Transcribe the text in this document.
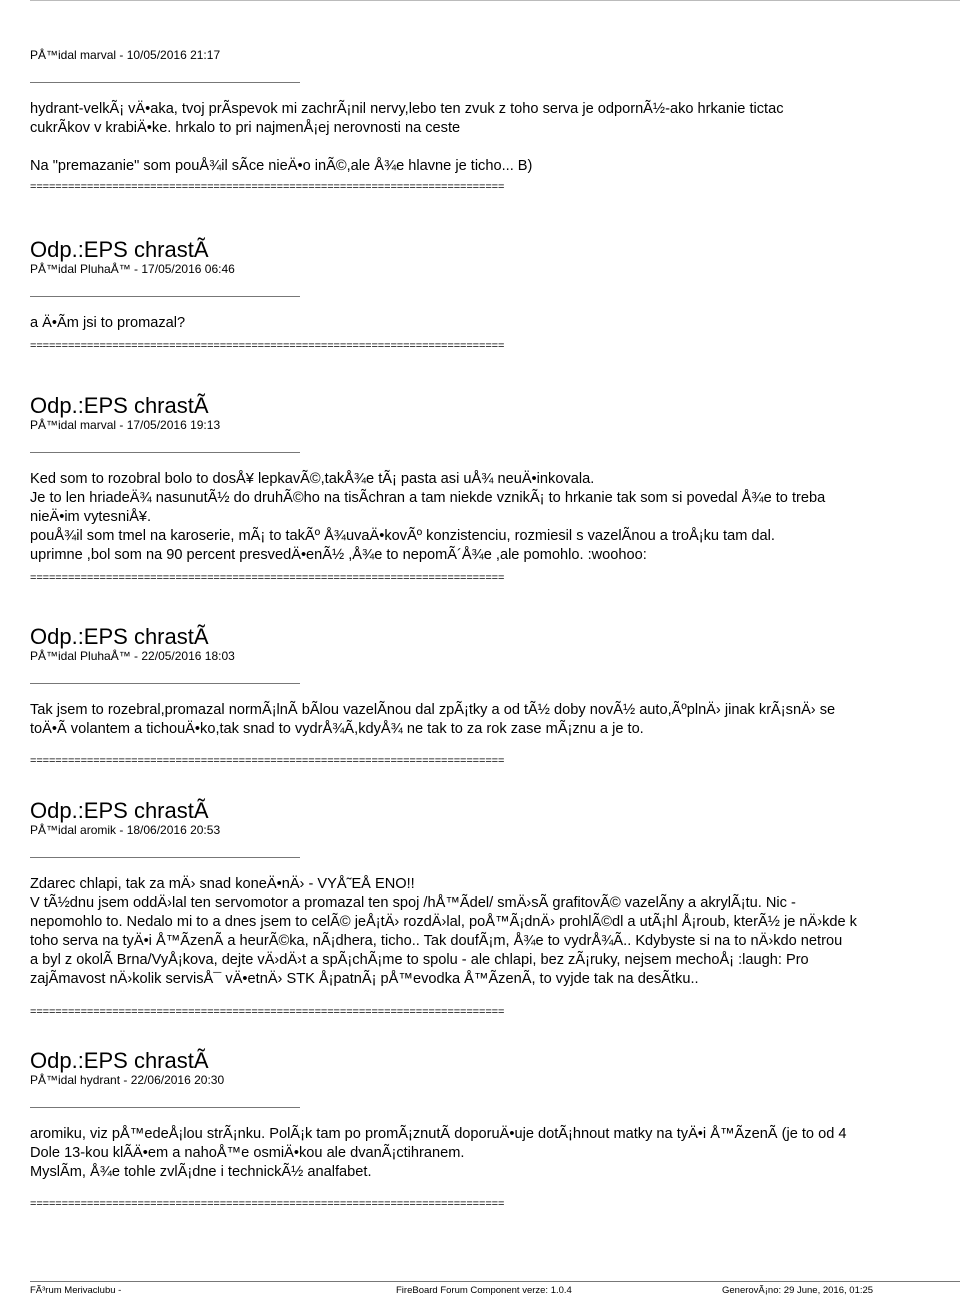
PÅ™idal marval - 10/05/2016 21:17
hydrant-velkÃ¡ vÄ•aka, tvoj prÃspevok mi zachrÃ¡nil nervy,lebo ten zvuk z toho serva je odpornÃ½-ako hrkanie tictac
cukrÃkov v krabiÄ•ke. hrkalo to pri najmenÅ¡ej nerovnosti na ceste
Na "premazanie" som pouÅ¾il sÃce nieÄ•o inÃ©,ale Å¾e hlavne je ticho... B)
===========================================================================
Odp.:EPS chrastÃ
PÅ™idal PluhaÅ™ - 17/05/2016 06:46
a Ä•Ãm jsi to promazal?
===========================================================================
Odp.:EPS chrastÃ
PÅ™idal marval - 17/05/2016 19:13
Ked som to rozobral bolo to dosÅ¥ lepkavÃ©,takÅ¾e tÃ¡ pasta asi uÅ¾ neuÄ•inkovala.
Je to len hriadeÄ¾ nasunutÃ½ do druhÃ©ho na tisÃchran a tam niekde vznikÃ¡ to hrkanie tak som si povedal Å¾e to treba
nieÄ•im vytesniÅ¥.
pouÅ¾il som tmel na karoserie, mÃ¡ to takÃº Å¾uvaÄ•kovÃº konzistenciu, rozmiesil s vazelÃnou a troÅ¡ku tam dal.
uprimne ,bol som na 90 percent presvedÄ•enÃ½ ,Å¾e to nepomÃ´Å¾e ,ale pomohlo. :woohoo:
===========================================================================
Odp.:EPS chrastÃ
PÅ™idal PluhaÅ™ - 22/05/2016 18:03
Tak jsem to rozebral,promazal normÃ¡lnÃ bÃlou vazelÃnou dal zpÃ¡tky a od tÃ½ doby novÃ½ auto,ÃºplnÄ› jinak krÃ¡snÄ› se
toÄ•Ã volantem a tichouÄ•ko,tak snad to vydrÅ¾Ã,kdyÅ¾ ne tak to za rok zase mÃ¡znu a je to.
===========================================================================
Odp.:EPS chrastÃ
PÅ™idal aromik - 18/06/2016 20:53
Zdarec chlapi, tak za mÄ› snad koneÄ•nÄ› - VYÅ˜EÅ ENO!!
V tÃ½dnu jsem oddÄ›lal ten servomotor a promazal ten spoj /hÅ™Ãdel/ smÄ›sÃ grafitovÃ© vazelÃny a akrylÃ¡tu. Nic -
nepomohlo to. Nedalo mi to a dnes jsem to celÃ© jeÅ¡tÄ› rozdÄ›lal, poÅ™Ã¡dnÄ› prohlÃ©dl a utÃ¡hl Å¡roub, kterÃ½ je nÄ›kde k
toho serva na tyÄ•i Å™ÃzenÃ a heurÃ©ka, nÃ¡dhera, ticho.. Tak doufÃ¡m, Å¾e to vydrÅ¾Ã.. Kdybyste si na to nÄ›kdo netrou
a byl z okolÃ Brna/VyÅ¡kova, dejte vÄ›dÄ›t a spÃ¡chÃ¡me to spolu - ale chlapi, bez zÃ¡ruky, nejsem mechoÅ¡ :laugh: Pro
zajÃmavost nÄ›kolik servisÅ¯ vÄ•etnÄ› STK Å¡patnÃ¡ pÅ™evodka Å™ÃzenÃ, to vyjde tak na desÃtku..
===========================================================================
Odp.:EPS chrastÃ
PÅ™idal hydrant - 22/06/2016 20:30
aromiku, viz pÅ™edeÅ¡lou strÃ¡nku. PolÃ¡k tam po promÃ¡znutÃ doporuÄ•uje dotÃ¡hnout matky na tyÄ•i Å™ÃzenÃ (je to od 4
Dole 13-kou klÃÄ•em a nahoÅ™e osmiÄ•kou ale dvanÃ¡ctihranem.
MyslÃm, Å¾e tohle zvlÃ¡dne i technickÃ½ analfabet.
===========================================================================
FÃ³rum Merivaclubu -	FireBoard Forum Component verze: 1.0.4	GenerovÃ¡no: 29 June, 2016, 01:25
